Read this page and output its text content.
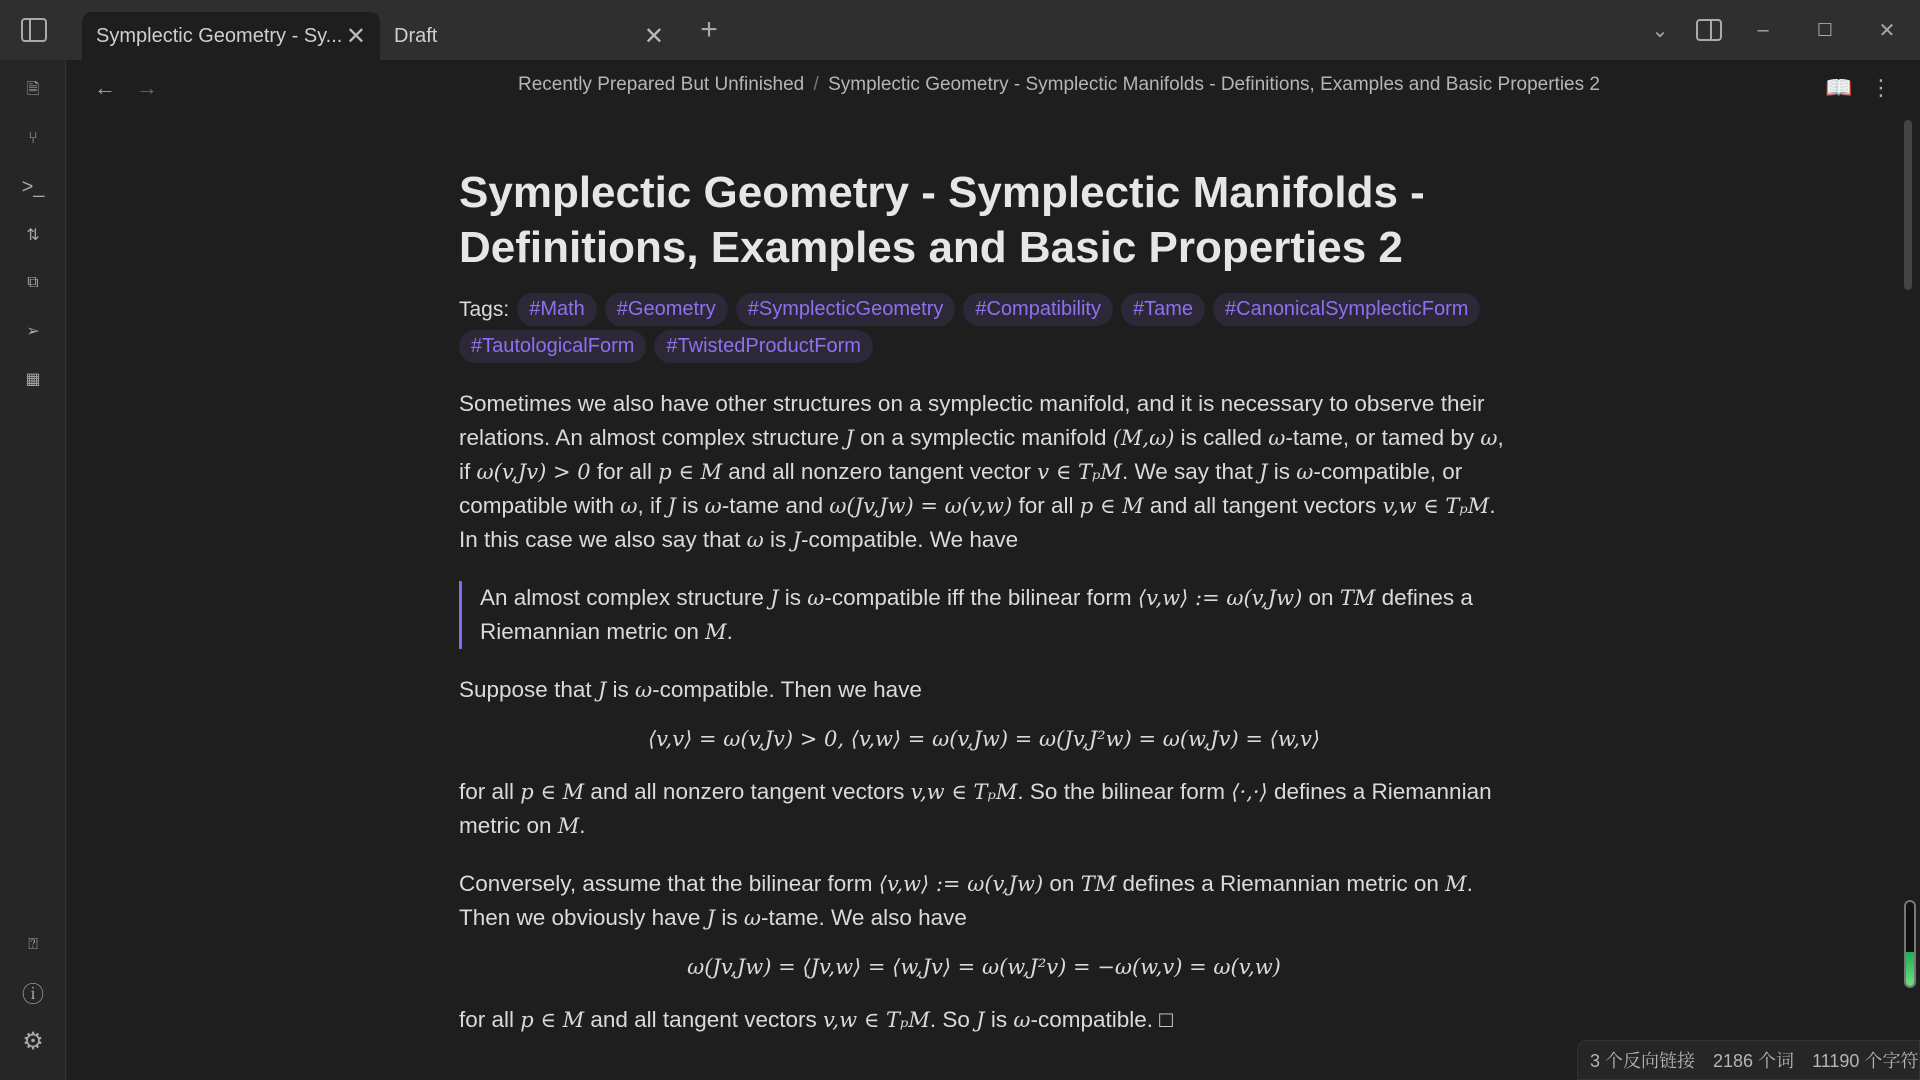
Symplectic Geometry - Sy... ✕ Draft	✕ +	⌄	–	☐	✕
🗎
⑂
>_
⇅
⧉
➢
▦
⍰
ⓘ
⚙
← →	Recently Prepared But Unfinished / Symplectic Geometry - Symplectic Manifolds - Definitions, Examples and Basic Properties 2	📖 ⋮
Symplectic Geometry - Symplectic Manifolds - Definitions, Examples and Basic Properties 2
Tags:	#Math	#Geometry	#SymplecticGeometry	#Compatibility	#Tame	#CanonicalSymplecticForm
#TautologicalForm	#TwistedProductForm
Sometimes we also have other structures on a symplectic manifold, and it is necessary to observe their relations. An almost complex structure J on a symplectic manifold (M,ω) is called ω-tame, or tamed by ω, if ω(v,Jv) > 0 for all p ∈ M and all nonzero tangent vector v ∈ TₚM. We say that J is ω-compatible, or compatible with ω, if J is ω-tame and ω(Jv,Jw) = ω(v,w) for all p ∈ M and all tangent vectors v,w ∈ TₚM. In this case we also say that ω is J-compatible. We have
An almost complex structure J is ω-compatible iff the bilinear form ⟨v,w⟩ := ω(v,Jw) on TM defines a Riemannian metric on M.
Suppose that J is ω-compatible. Then we have
⟨v,v⟩ = ω(v,Jv) > 0, ⟨v,w⟩ = ω(v,Jw) = ω(Jv,J²w) = ω(w,Jv) = ⟨w,v⟩
for all p ∈ M and all nonzero tangent vectors v,w ∈ TₚM. So the bilinear form ⟨·,·⟩ defines a Riemannian metric on M.
Conversely, assume that the bilinear form ⟨v,w⟩ := ω(v,Jw) on TM defines a Riemannian metric on M. Then we obviously have J is ω-tame. We also have
ω(Jv,Jw) = ⟨Jv,w⟩ = ⟨w,Jv⟩ = ω(w,J²v) = −ω(w,v) = ω(v,w)
for all p ∈ M and all tangent vectors v,w ∈ TₚM. So J is ω-compatible. □
3 个反向链接 2186 个词 11190 个字符
